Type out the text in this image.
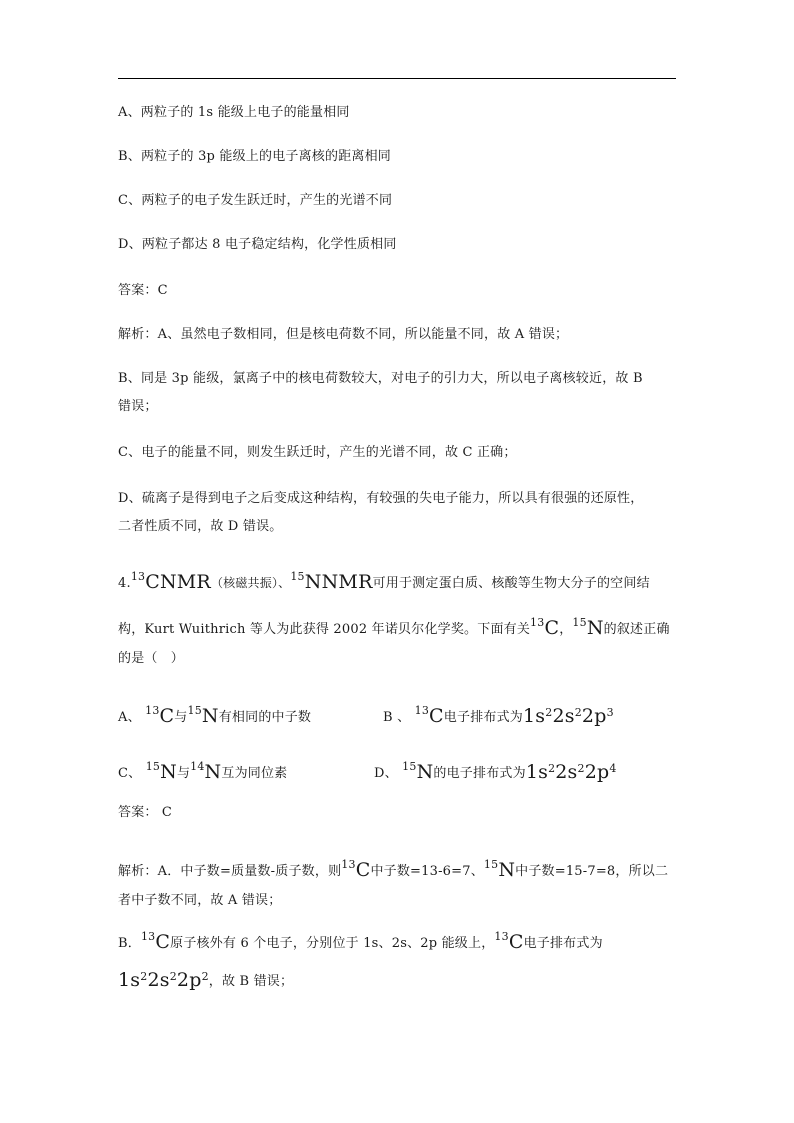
A、两粒子的 1s 能级上电子的能量相同
B、两粒子的 3p 能级上的电子离核的距离相同
C、两粒子的电子发生跃迁时，产生的光谱不同
D、两粒子都达 8 电子稳定结构，化学性质相同
答案：C
解析：A、虽然电子数相同，但是核电荷数不同，所以能量不同，故 A 错误；
B、同是 3p 能级，氯离子中的核电荷数较大，对电子的引力大，所以电子离核较近，故 B
错误；
C、电子的能量不同，则发生跃迁时，产生的光谱不同，故 C 正确；
D、硫离子是得到电子之后变成这种结构，有较强的失电子能力，所以具有很强的还原性，
二者性质不同，故 D 错误。
4.13CNMR（核磁共振）、$^{15}$NNMR可用于测定蛋白质、核酸等生物大分子的空间结
构，Kurt Wuithrich 等人为此获得 2002 年诺贝尔化学奖。下面有关$^{13}$C，$^{15}$N的叙述正确
的是（　）
A、 $^{13}$C与$^{15}$N有相同的中子数	B 、 $^{13}$C电子排布式为$1s^22s^22p^3$
C、 $^{15}$N与$^{14}$N互为同位素	D、 $^{15}$N的电子排布式为$1s^22s^22p^4$
答案： C
解析：A．中子数=质量数-质子数，则$^{13}$C中子数=13-6=7、$^{15}$N中子数=15-7=8，所以二
者中子数不同，故 A 错误；
B．$^{13}$C原子核外有 6 个电子，分别位于 1s、2s、2p 能级上，$^{13}$C电子排布式为
$1s^22s^22p^2$，故 B 错误；
